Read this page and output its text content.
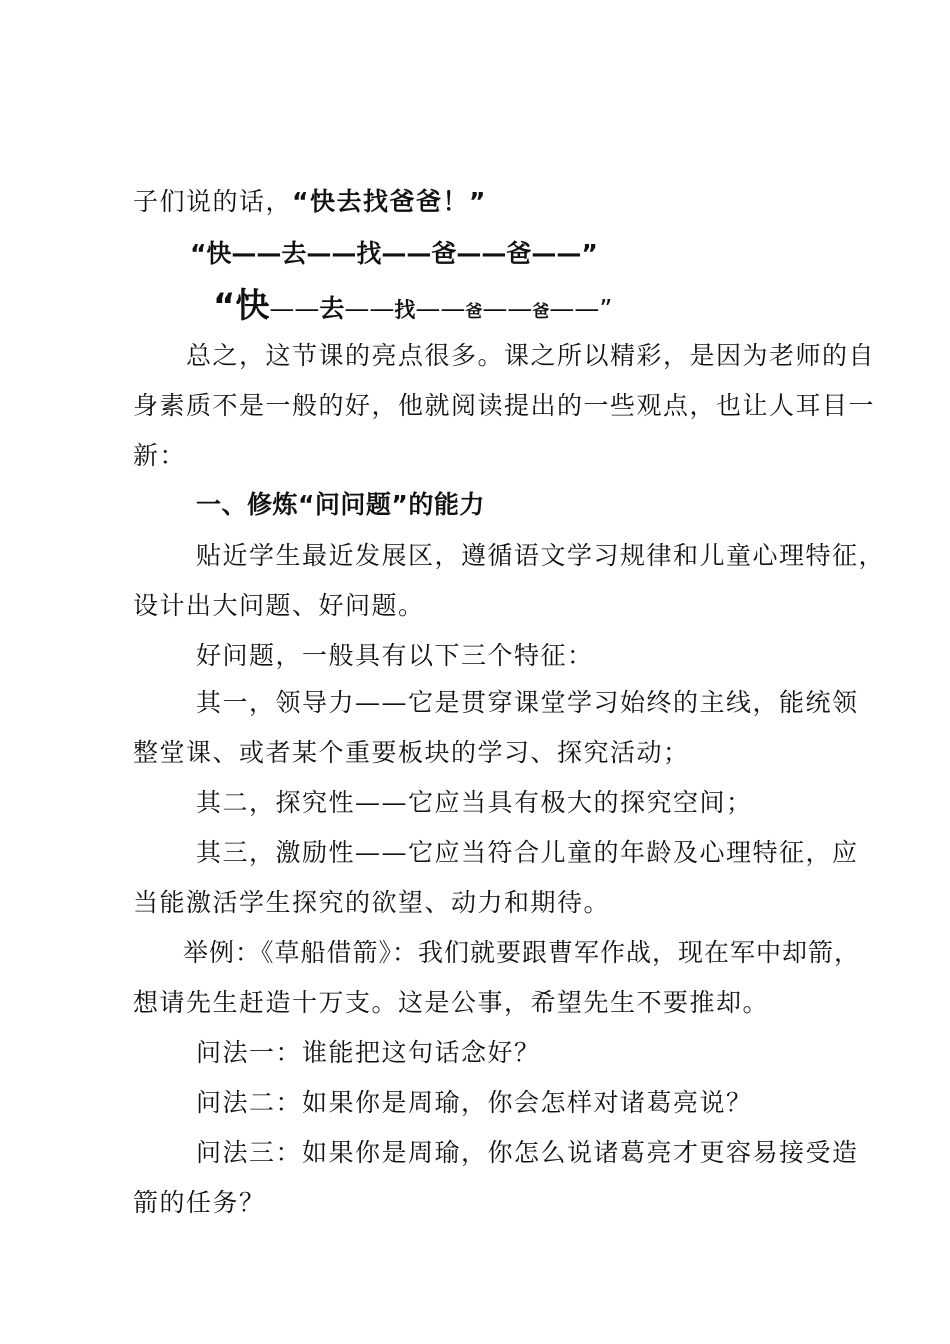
子们说的话，“快去找爸爸！”
“快——去——找——爸——爸——”
“快——去——找——爸——爸——”
总之，这节课的亮点很多。课之所以精彩，是因为老师的自
身素质不是一般的好，他就阅读提出的一些观点，也让人耳目一
新：
一、修炼“问问题”的能力
贴近学生最近发展区，遵循语文学习规律和儿童心理特征，
设计出大问题、好问题。
好问题，一般具有以下三个特征：
其一，领导力——它是贯穿课堂学习始终的主线，能统领
整堂课、或者某个重要板块的学习、探究活动；
其二，探究性——它应当具有极大的探究空间；
其三，激励性——它应当符合儿童的年龄及心理特征，应
当能激活学生探究的欲望、动力和期待。
举例：《草船借箭》：我们就要跟曹军作战，现在军中却箭，
想请先生赶造十万支。这是公事，希望先生不要推却。
问法一：谁能把这句话念好？
问法二：如果你是周瑜，你会怎样对诸葛亮说？
问法三：如果你是周瑜，你怎么说诸葛亮才更容易接受造
箭的任务？
